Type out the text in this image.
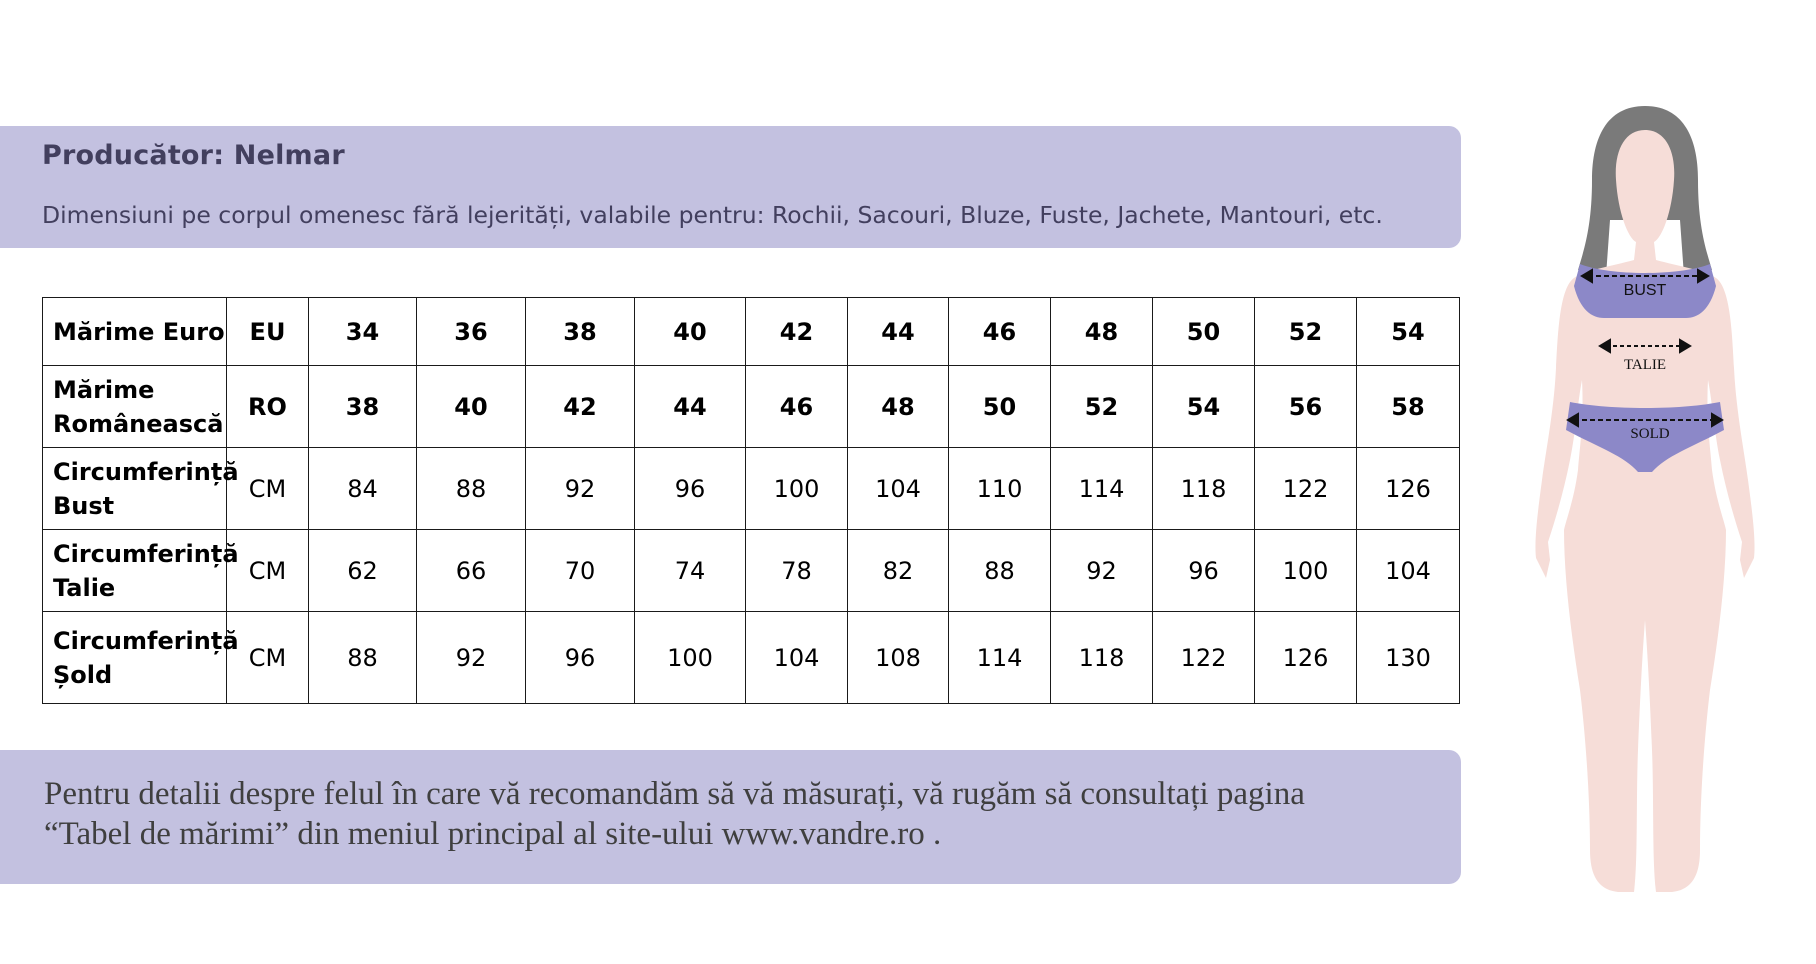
Producător: Nelmar
Dimensiuni pe corpul omenesc fără lejerități, valabile pentru: Rochii, Sacouri, Bluze, Fuste, Jachete, Mantouri, etc.
Mărime Euro	EU	34	36	38	40	42	44	46	48	50	52	54
Mărime Românească	RO	38	40	42	44	46	48	50	52	54	56	58
Circumferință Bust	CM	84	88	92	96	100	104	110	114	118	122	126
Circumferință Talie	CM	62	66	70	74	78	82	88	92	96	100	104
Circumferință Șold	CM	88	92	96	100	104	108	114	118	122	126	130
Pentru detalii despre felul în care vă recomandăm să vă măsurați, vă rugăm să consultați pagina
“Tabel de mărimi” din meniul principal al site-ului www.vandre.ro .
BUST
TALIE
SOLD
